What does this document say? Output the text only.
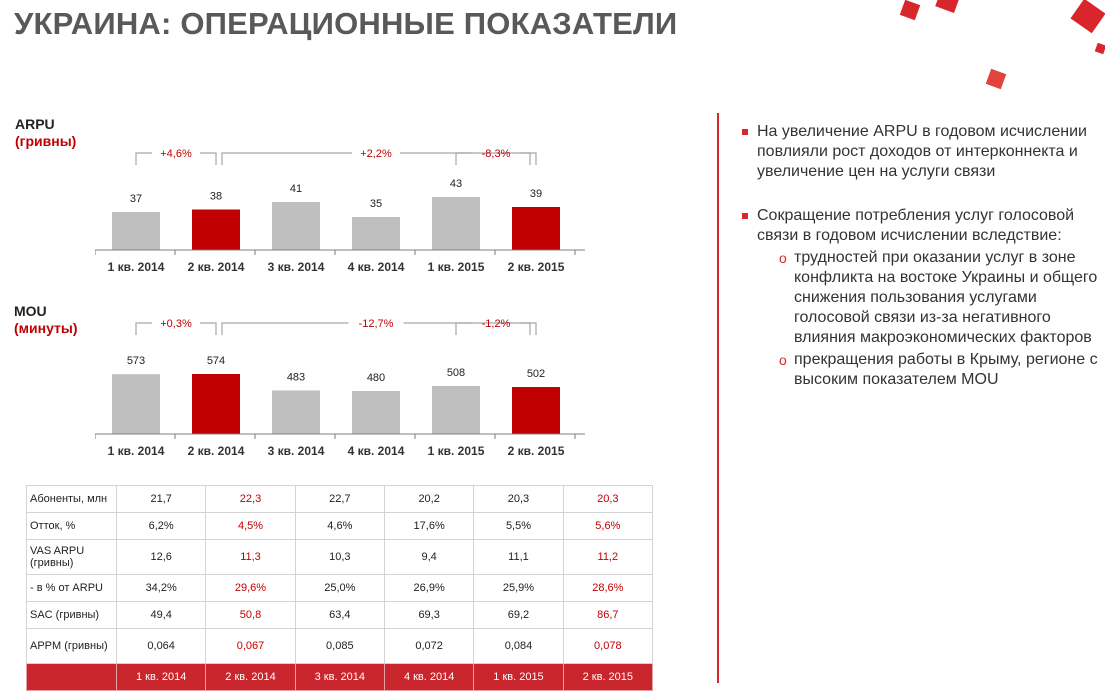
УКРАИНА: ОПЕРАЦИОННЫЕ ПОКАЗАТЕЛИ
ARPU
(гривны)
37
1 кв. 2014
38
2 кв. 2014
41
3 кв. 2014
35
4 кв. 2014
43
1 кв. 2015
39
2 кв. 2015
+4,6%	+2,2%	-8,3%
MOU
(минуты)
573
1 кв. 2014
574
2 кв. 2014
483
3 кв. 2014
480
4 кв. 2014
508
1 кв. 2015
502
2 кв. 2015
+0,3%	-12,7%	-1,2%
Абоненты, млн	21,7	22,3	22,7	20,2	20,3	20,3
Отток, %	6,2%	4,5%	4,6%	17,6%	5,5%	5,6%
VAS ARPU (гривны)	12,6	11,3	10,3	9,4	11,1	11,2
- в % от ARPU	34,2%	29,6%	25,0%	26,9%	25,9%	28,6%
SAC (гривны)	49,4	50,8	63,4	69,3	69,2	86,7
APPM (гривны)	0,064	0,067	0,085	0,072	0,084	0,078
	1 кв. 2014	2 кв. 2014	3 кв. 2014	4 кв. 2014	1 кв. 2015	2 кв. 2015
На увеличение ARPU в годовом исчислении повлияли рост доходов от интерконнекта и увеличение цен на услуги связи
Сокращение потребления услуг голосовой связи в годовом исчислении вследствие:
o трудностей при оказании услуг в зоне конфликта на востоке Украины и общего снижения пользования услугами голосовой связи из-за негативного влияния макроэкономических факторов
o прекращения работы в Крыму, регионе с высоким показателем MOU
